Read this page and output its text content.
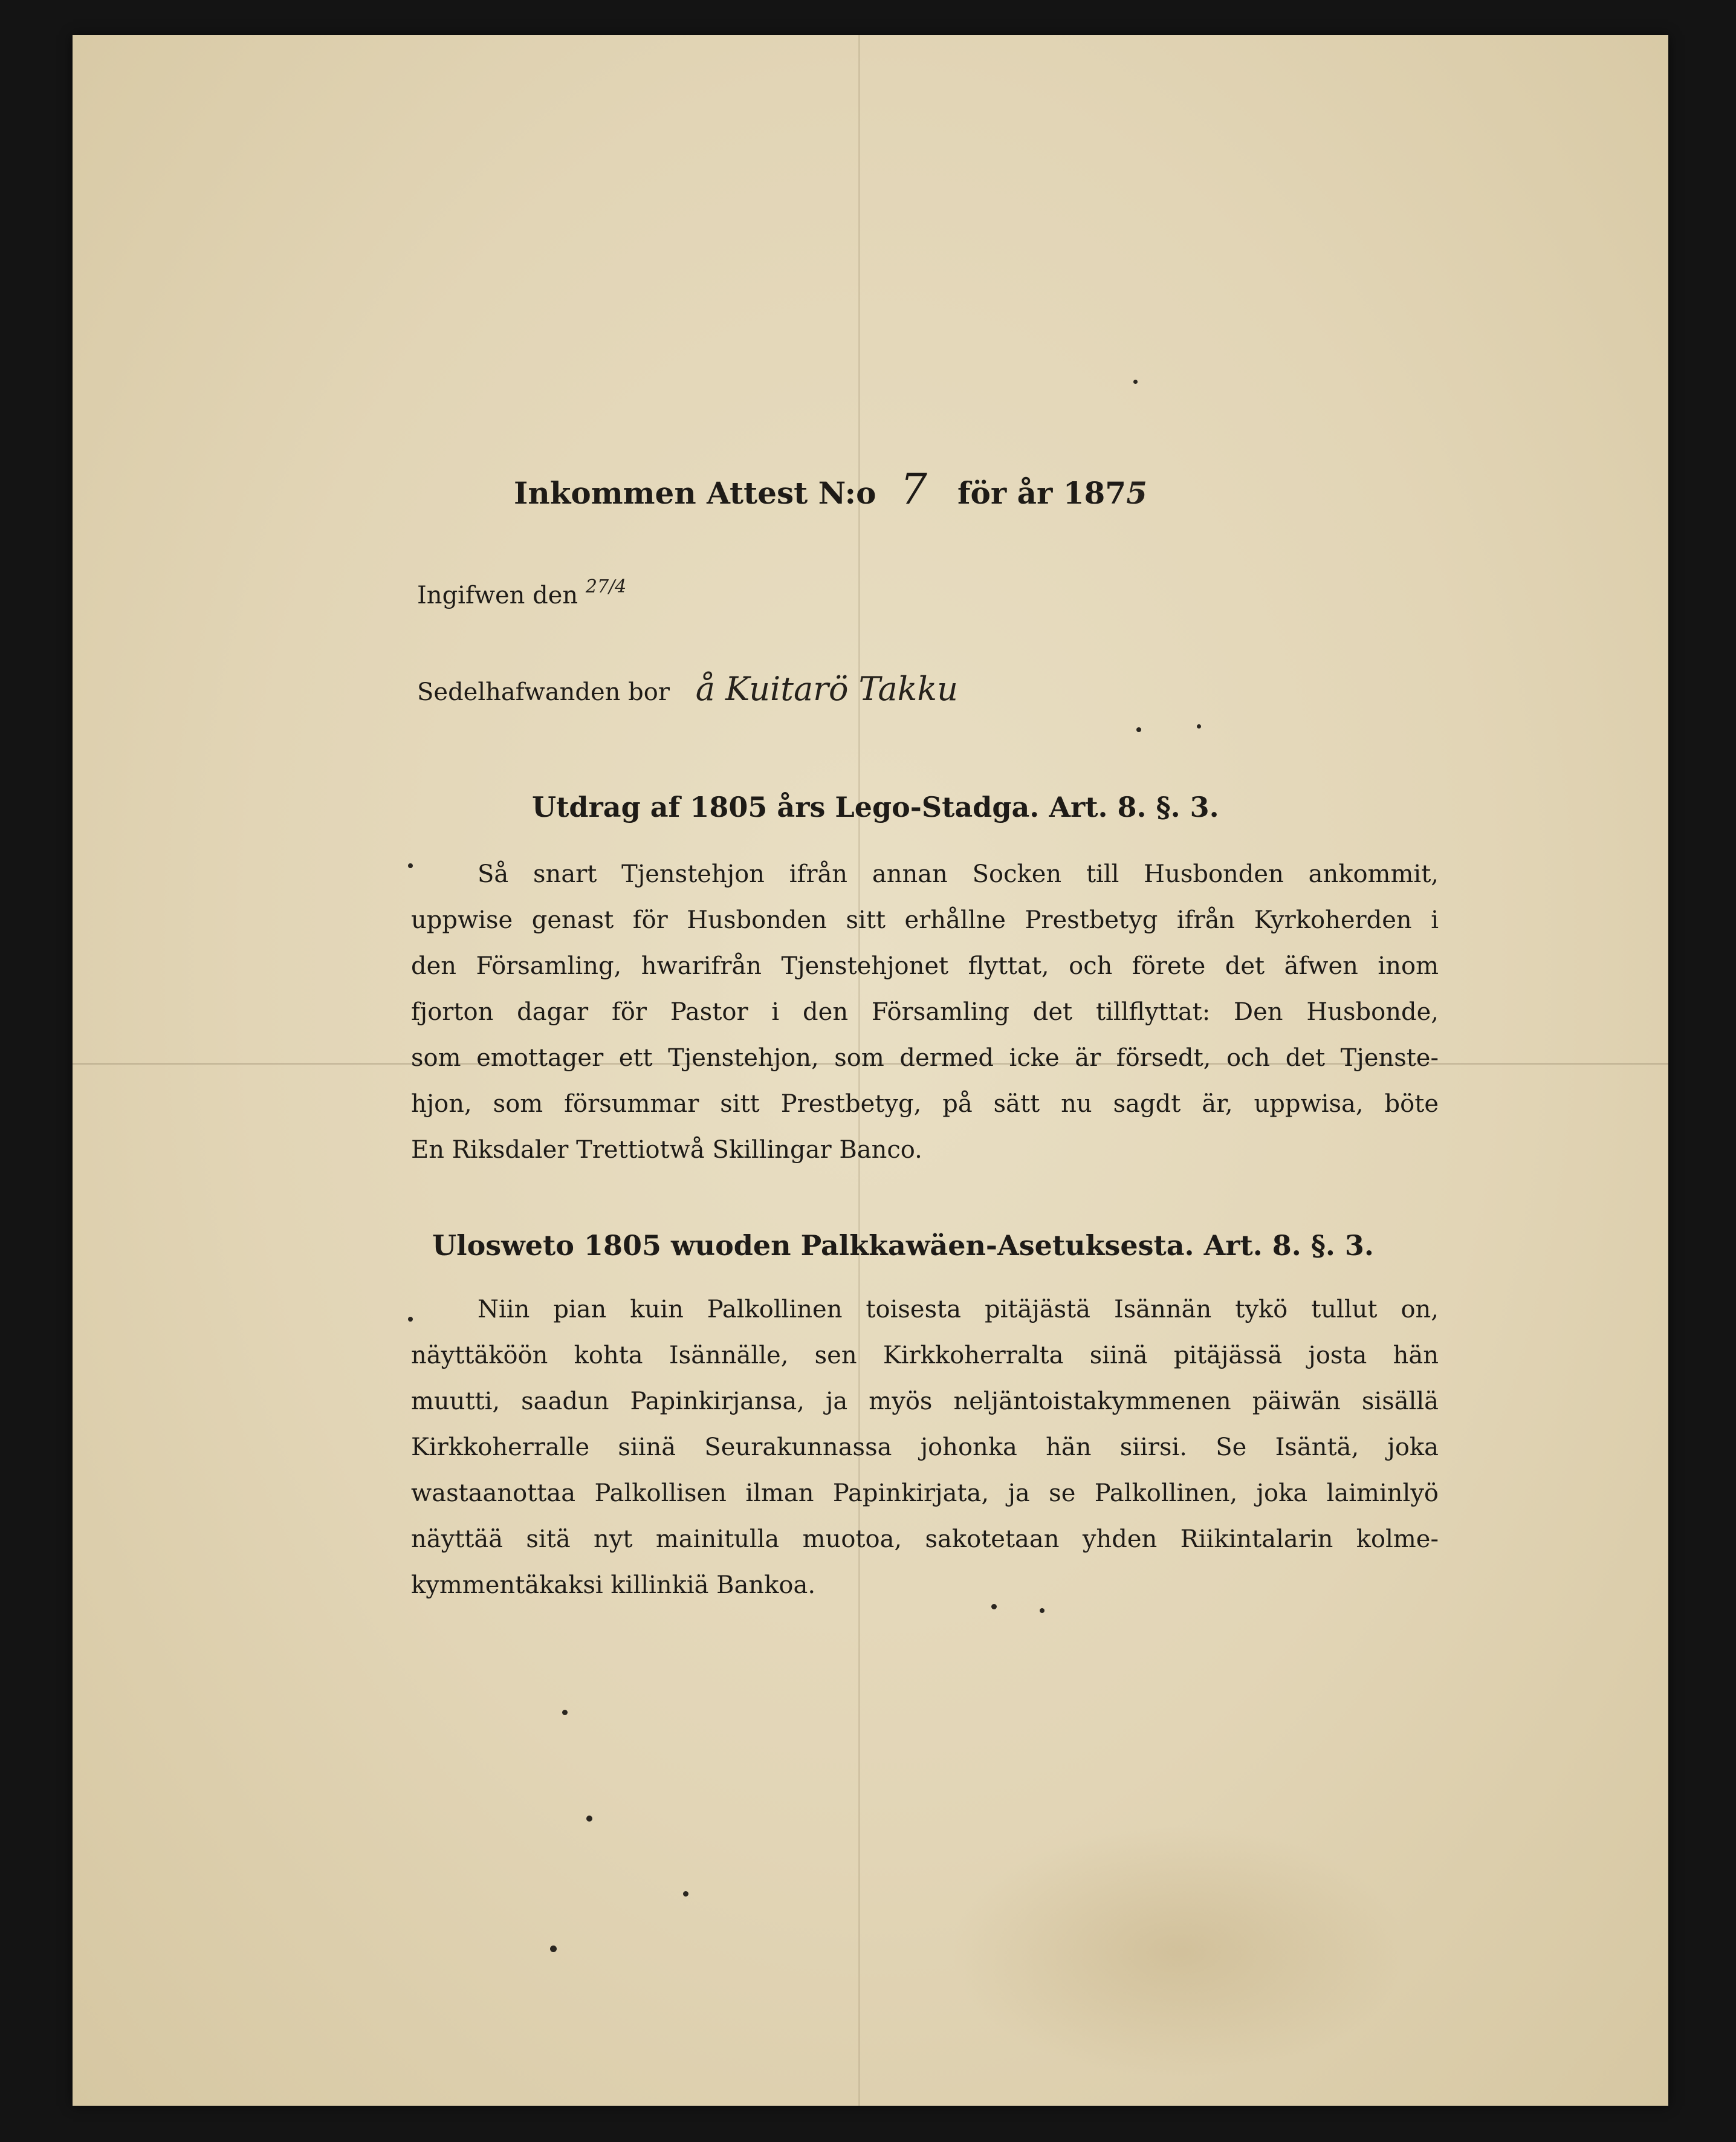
Inkommen Attest N:o 7 för år 1875
Ingifwen den $^{27/4}$
Sedelhafwanden bor å Kuitarö Takku
Utdrag af 1805 års Lego-Stadga. Art. 8. §. 3.
Så snart Tjenstehjon ifrån annan Socken till Husbonden ankommit,
uppwise genast för Husbonden sitt erhållne Prestbetyg ifrån Kyrkoherden i
den Församling, hwarifrån Tjenstehjonet flyttat, och förete det äfwen inom
fjorton dagar för Pastor i den Församling det tillflyttat: Den Husbonde,
som emottager ett Tjenstehjon, som dermed icke är försedt, och det Tjenste-
hjon, som försummar sitt Prestbetyg, på sätt nu sagdt är, uppwisa, böte
En Riksdaler Trettiotwå Skillingar Banco.
Ulosweto 1805 wuoden Palkkawäen-Asetuksesta. Art. 8. §. 3.
Niin pian kuin Palkollinen toisesta pitäjästä Isännän tykö tullut on,
näyttäköön kohta Isännälle, sen Kirkkoherralta siinä pitäjässä josta hän
muutti, saadun Papinkirjansa, ja myös neljäntoistakymmenen päiwän sisällä
Kirkkoherralle siinä Seurakunnassa johonka hän siirsi. Se Isäntä, joka
wastaanottaa Palkollisen ilman Papinkirjata, ja se Palkollinen, joka laiminlyö
näyttää sitä nyt mainitulla muotoa, sakotetaan yhden Riikintalarin kolme-
kymmentäkaksi killinkiä Bankoa.
